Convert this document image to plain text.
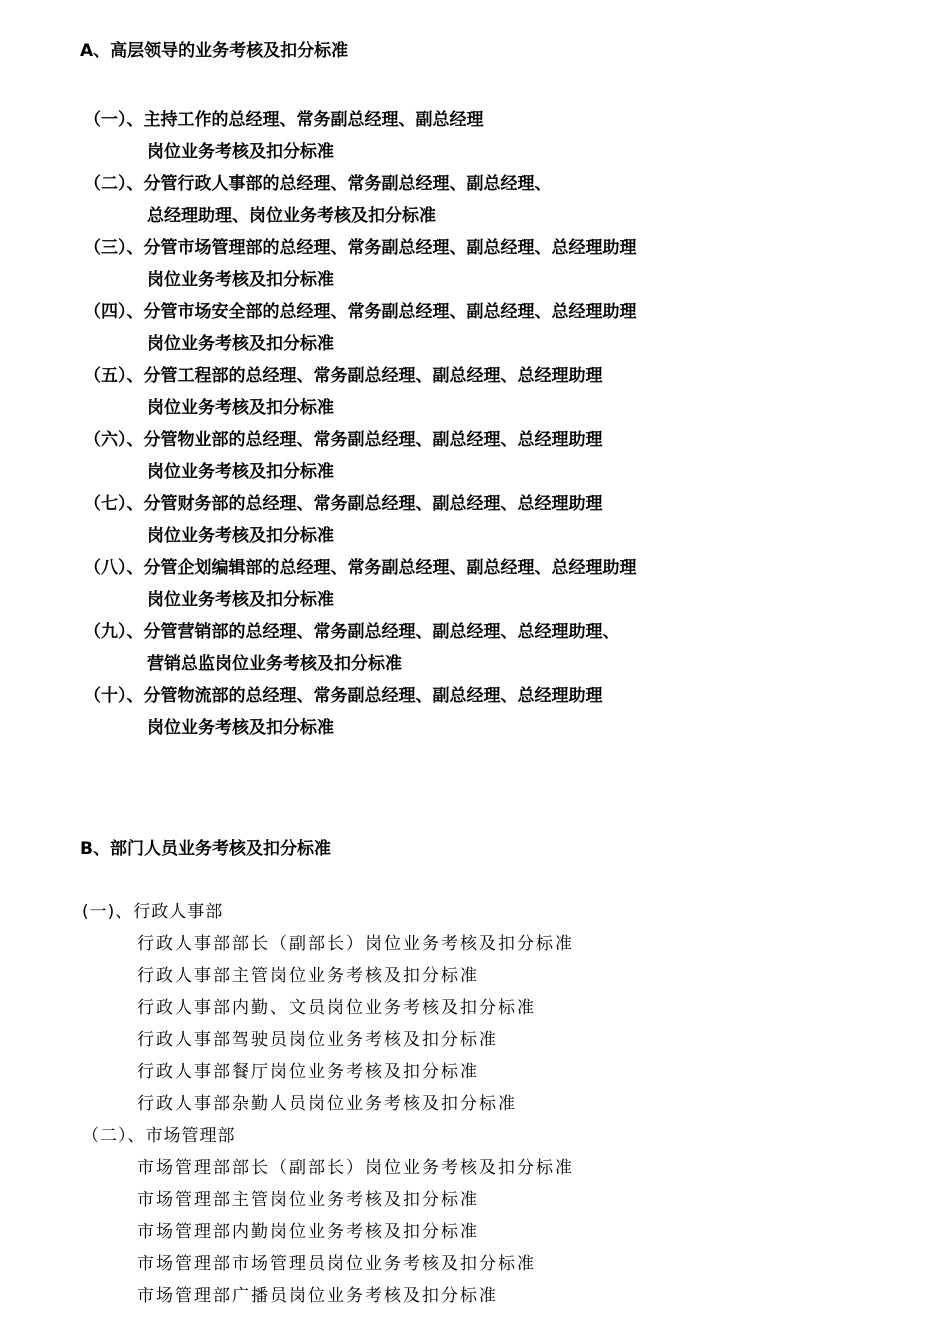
A、高层领导的业务考核及扣分标准
（一）、主持工作的总经理、常务副总经理、副总经理
岗位业务考核及扣分标准
（二）、分管行政人事部的总经理、常务副总经理、副总经理、
总经理助理、岗位业务考核及扣分标准
（三）、分管市场管理部的总经理、常务副总经理、副总经理、总经理助理
岗位业务考核及扣分标准
（四）、分管市场安全部的总经理、常务副总经理、副总经理、总经理助理
岗位业务考核及扣分标准
（五）、分管工程部的总经理、常务副总经理、副总经理、总经理助理
岗位业务考核及扣分标准
（六）、分管物业部的总经理、常务副总经理、副总经理、总经理助理
岗位业务考核及扣分标准
（七）、分管财务部的总经理、常务副总经理、副总经理、总经理助理
岗位业务考核及扣分标准
（八）、分管企划编辑部的总经理、常务副总经理、副总经理、总经理助理
岗位业务考核及扣分标准
（九）、分管营销部的总经理、常务副总经理、副总经理、总经理助理、
营销总监岗位业务考核及扣分标准
（十）、分管物流部的总经理、常务副总经理、副总经理、总经理助理
岗位业务考核及扣分标准
B、部门人员业务考核及扣分标准
(一)、行政人事部
行政人事部部长（副部长）岗位业务考核及扣分标准
行政人事部主管岗位业务考核及扣分标准
行政人事部内勤、文员岗位业务考核及扣分标准
行政人事部驾驶员岗位业务考核及扣分标准
行政人事部餐厅岗位业务考核及扣分标准
行政人事部杂勤人员岗位业务考核及扣分标准
（二）、市场管理部
市场管理部部长（副部长）岗位业务考核及扣分标准
市场管理部主管岗位业务考核及扣分标准
市场管理部内勤岗位业务考核及扣分标准
市场管理部市场管理员岗位业务考核及扣分标准
市场管理部广播员岗位业务考核及扣分标准
